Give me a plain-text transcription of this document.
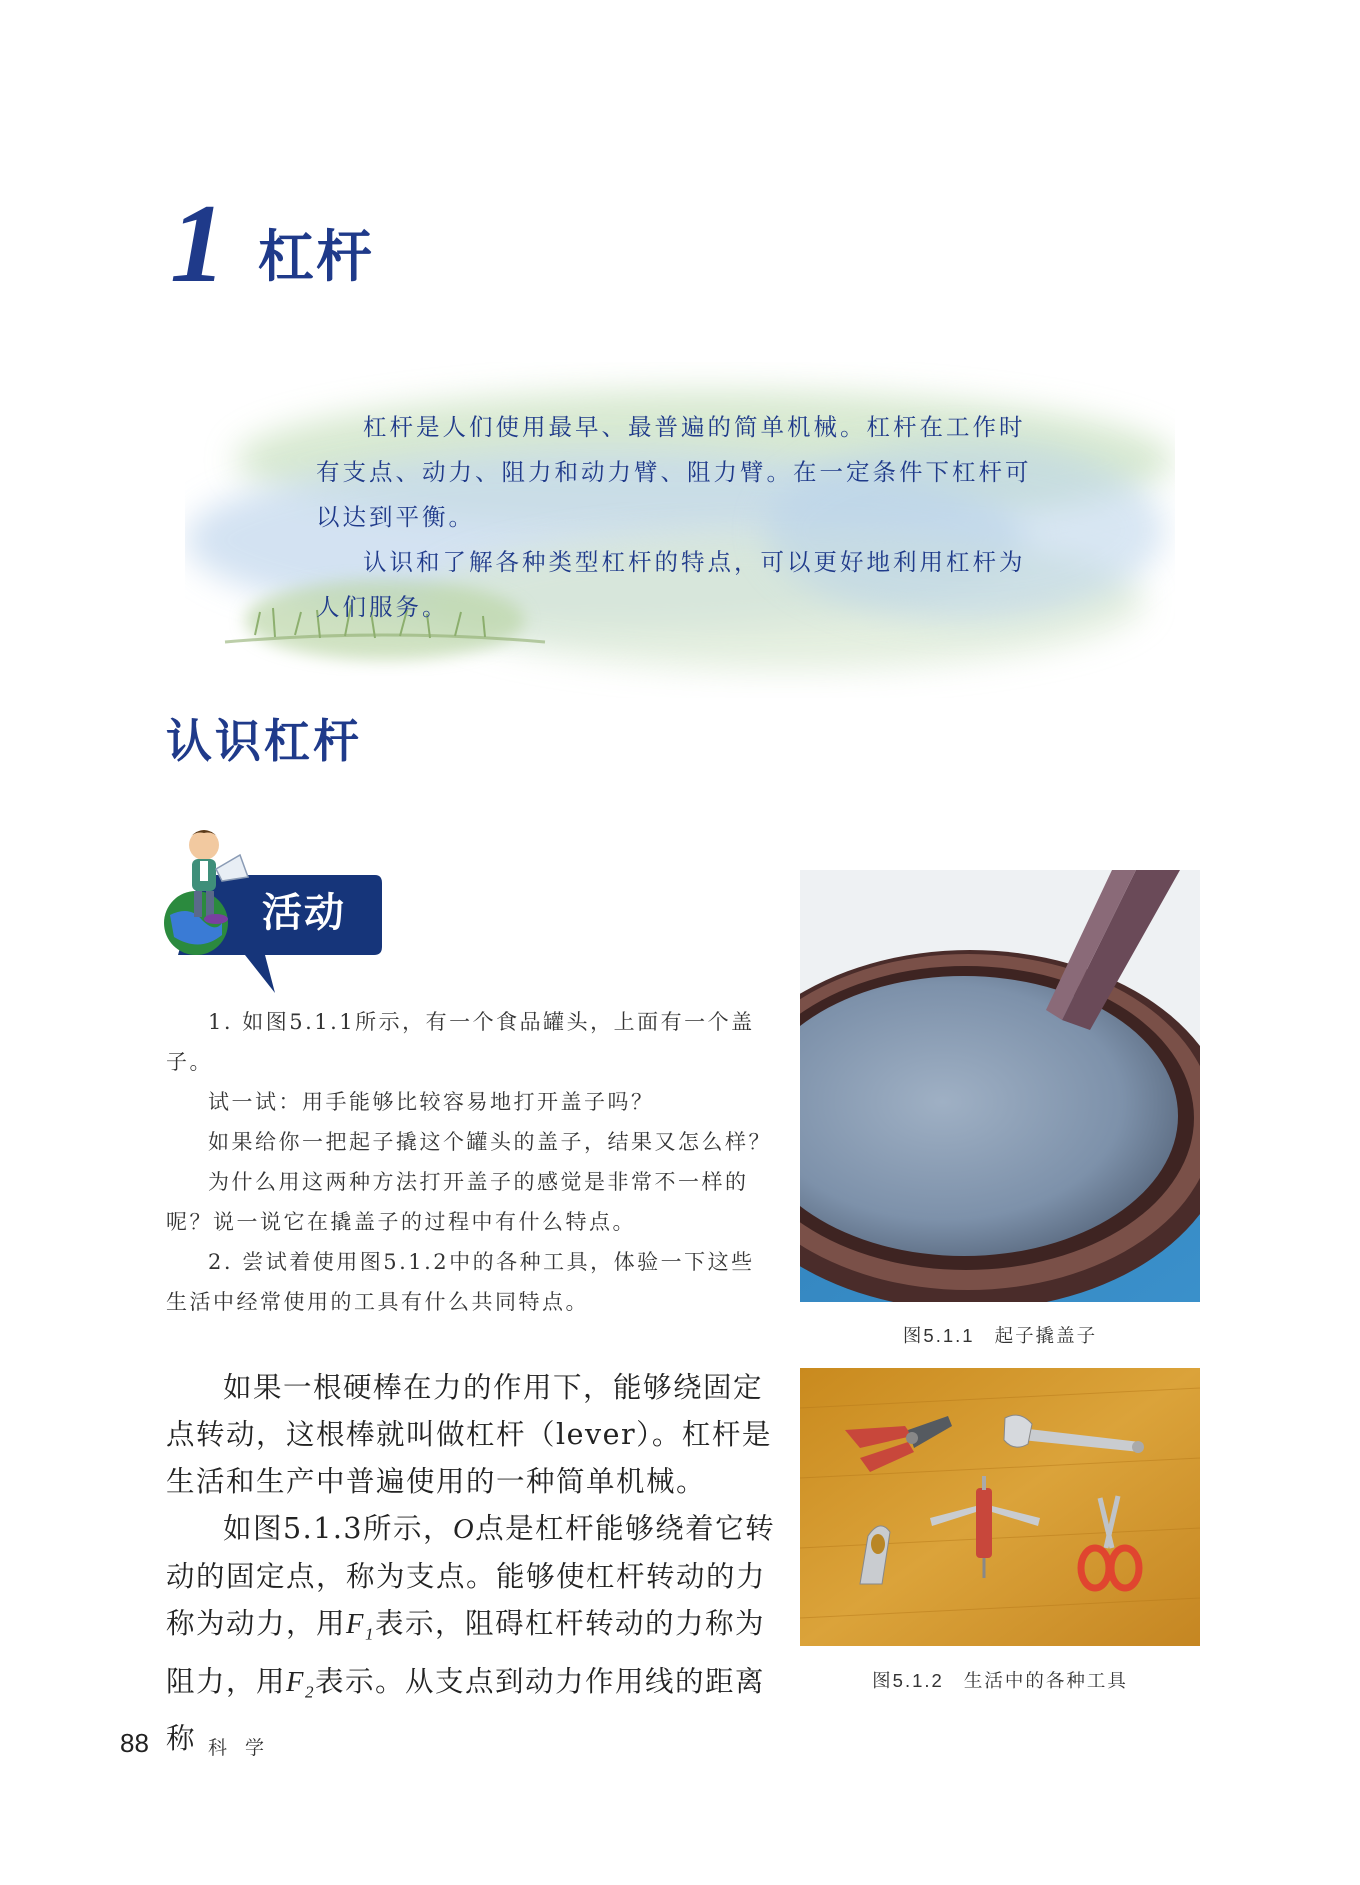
1 杠杆

杠杆是人们使用最早、最普遍的简单机械。杠杆在工作时有支点、动力、阻力和动力臂、阻力臂。在一定条件下杠杆可以达到平衡。

认识和了解各种类型杠杆的特点，可以更好地利用杠杆为人们服务。

认识杠杆
活动

1. 如图5.1.1所示，有一个食品罐头，上面有一个盖子。

试一试：用手能够比较容易地打开盖子吗？

如果给你一把起子撬这个罐头的盖子，结果又怎么样？

为什么用这两种方法打开盖子的感觉是非常不一样的呢？说一说它在撬盖子的过程中有什么特点。

2. 尝试着使用图5.1.2中的各种工具，体验一下这些生活中经常使用的工具有什么共同特点。

如果一根硬棒在力的作用下，能够绕固定点转动，这根棒就叫做杠杆（lever）。杠杆是生活和生产中普遍使用的一种简单机械。

如图5.1.3所示，O点是杠杆能够绕着它转动的固定点，称为支点。能够使杠杆转动的力称为动力，用$F_1$表示，阻碍杠杆转动的力称为阻力，用$F_2$表示。从支点到动力作用线的距离称

图5.1.1 起子撬盖子
图5.1.2 生活中的各种工具
88	科 学
